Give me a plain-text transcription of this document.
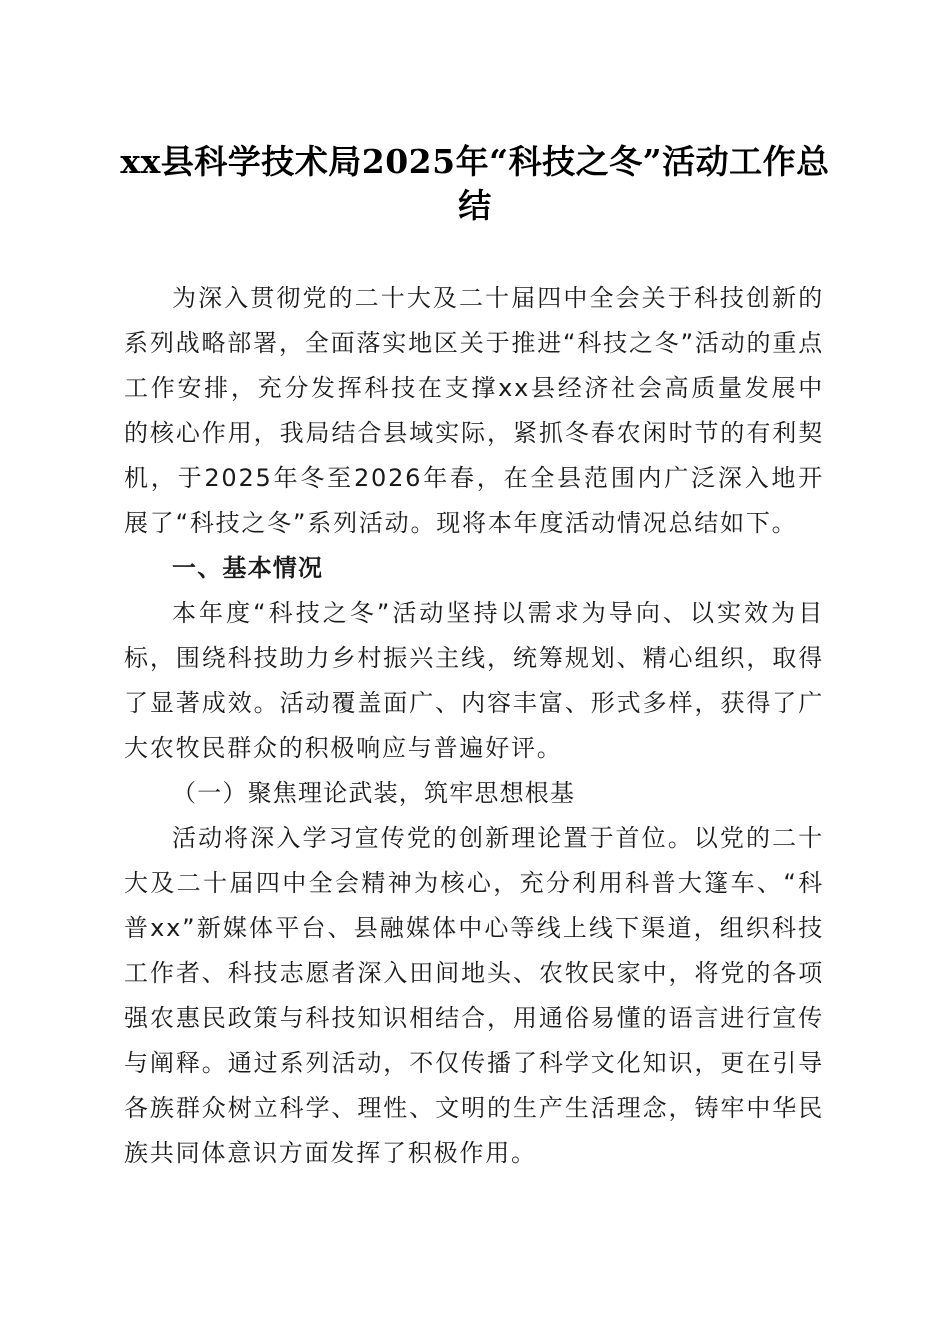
xx县科学技术局2025年“科技之冬”活动工作总结

为深入贯彻党的二十大及二十届四中全会关于科技创新的系列战略部署，全面落实地区关于推进“科技之冬”活动的重点工作安排，充分发挥科技在支撑xx县经济社会高质量发展中的核心作用，我局结合县域实际，紧抓冬春农闲时节的有利契机，于2025年冬至2026年春，在全县范围内广泛深入地开展了“科技之冬”系列活动。现将本年度活动情况总结如下。

一、基本情况

本年度“科技之冬”活动坚持以需求为导向、以实效为目标，围绕科技助力乡村振兴主线，统筹规划、精心组织，取得了显著成效。活动覆盖面广、内容丰富、形式多样，获得了广大农牧民群众的积极响应与普遍好评。

（一）聚焦理论武装，筑牢思想根基

活动将深入学习宣传党的创新理论置于首位。以党的二十大及二十届四中全会精神为核心，充分利用科普大篷车、“科普xx”新媒体平台、县融媒体中心等线上线下渠道，组织科技工作者、科技志愿者深入田间地头、农牧民家中，将党的各项强农惠民政策与科技知识相结合，用通俗易懂的语言进行宣传与阐释。通过系列活动，不仅传播了科学文化知识，更在引导各族群众树立科学、理性、文明的生产生活理念，铸牢中华民族共同体意识方面发挥了积极作用。
